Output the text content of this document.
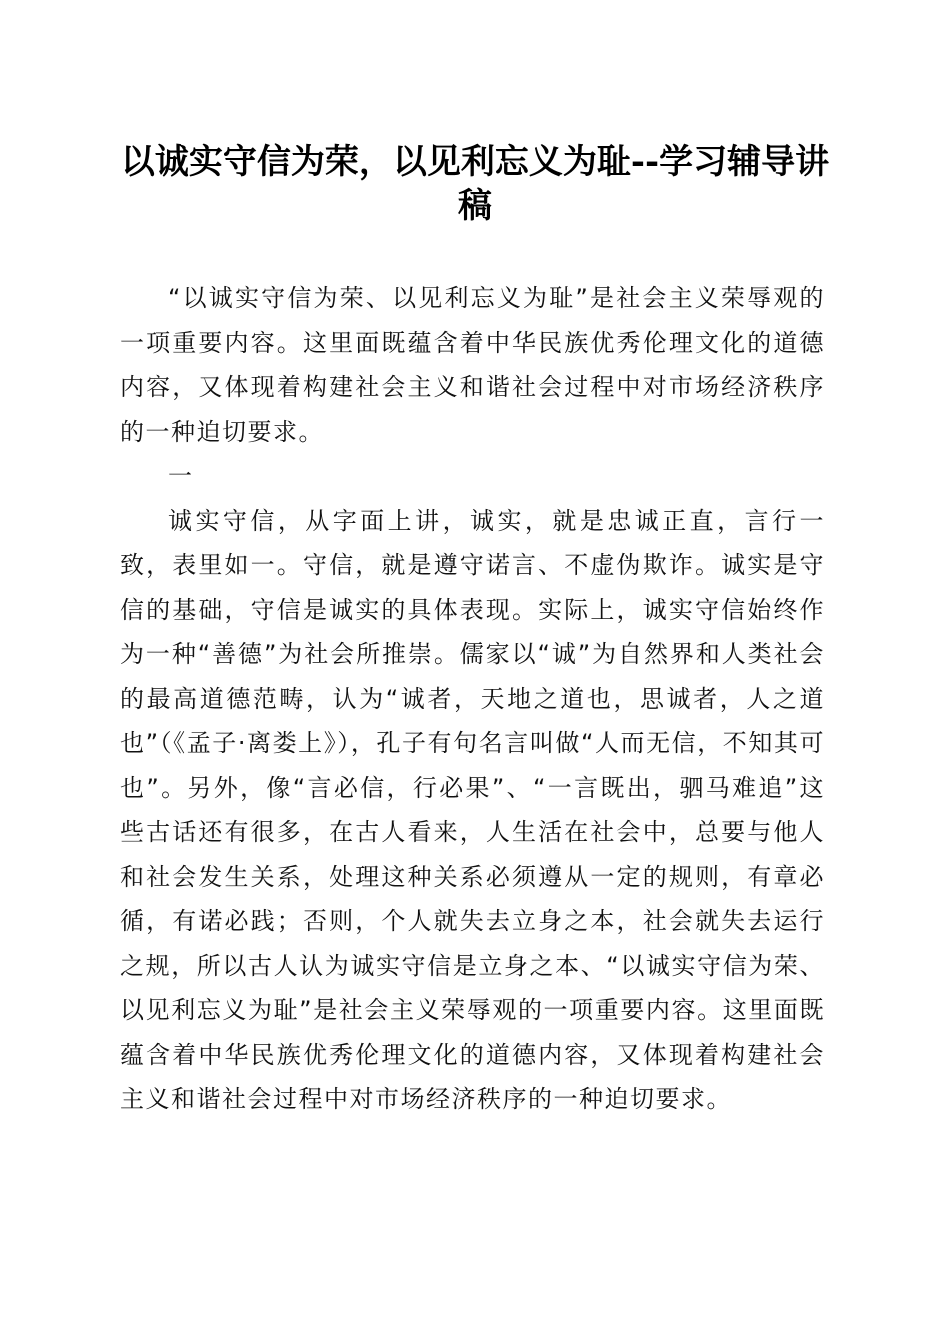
以诚实守信为荣，以见利忘义为耻--学习辅导讲稿

“以诚实守信为荣、以见利忘义为耻”是社会主义荣辱观的一项重要内容。这里面既蕴含着中华民族优秀伦理文化的道德内容，又体现着构建社会主义和谐社会过程中对市场经济秩序的一种迫切要求。

一

诚实守信，从字面上讲，诚实，就是忠诚正直，言行一致，表里如一。守信，就是遵守诺言、不虚伪欺诈。诚实是守信的基础，守信是诚实的具体表现。实际上，诚实守信始终作为一种“善德”为社会所推崇。儒家以“诚”为自然界和人类社会的最高道德范畴，认为“诚者，天地之道也，思诚者，人之道也”（《孟子·离娄上》），孔子有句名言叫做“人而无信，不知其可也”。另外，像“言必信，行必果”、“一言既出，驷马难追”这些古话还有很多，在古人看来，人生活在社会中，总要与他人和社会发生关系，处理这种关系必须遵从一定的规则，有章必循，有诺必践；否则，个人就失去立身之本，社会就失去运行之规，所以古人认为诚实守信是立身之本、“以诚实守信为荣、以见利忘义为耻”是社会主义荣辱观的一项重要内容。这里面既蕴含着中华民族优秀伦理文化的道德内容，又体现着构建社会主义和谐社会过程中对市场经济秩序的一种迫切要求。
